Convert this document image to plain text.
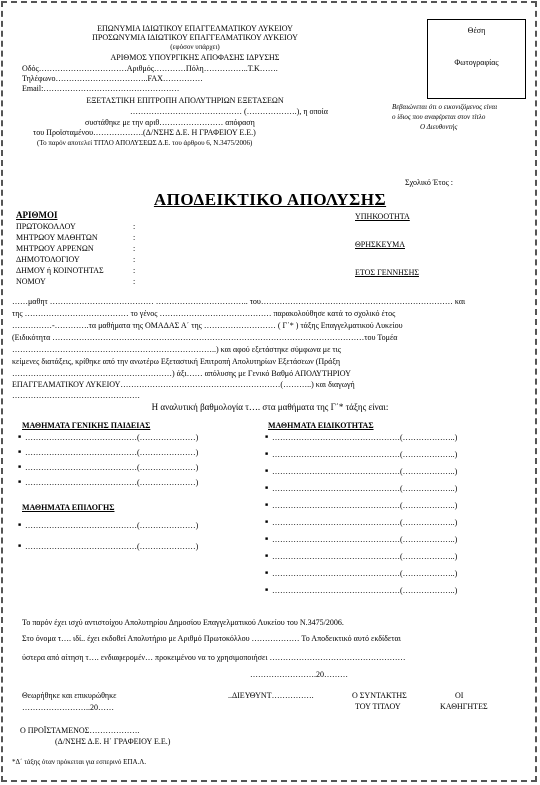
ΕΠΩΝΥΜΙΑ ΙΔΙΩΤΙΚΟΥ ΕΠΑΓΓΕΛΜΑΤΙΚΟΥ ΛΥΚΕΙΟΥ
ΠΡΟΣΩΝΥΜΙΑ ΙΔΙΩΤΙΚΟΥ ΕΠΑΓΓΕΛΜΑΤΙΚΟΥ ΛΥΚΕΙΟΥ
(εφόσον υπάρχει)
ΑΡΙΘΜΟΣ ΥΠΟΥΡΓΙΚΗΣ ΑΠΟΦΑΣΗΣ ΙΔΡΥΣΗΣ
Οδός……………………………Αριθμός…………Πόλη……………..Τ.Κ…….
Τηλέφωνο……………………………..FAX……………
Email:……………………………………………
ΕΞΕΤΑΣΤΙΚΗ ΕΠΙΤΡΟΠΗ ΑΠΟΛΥΤΗΡΙΩΝ ΕΞΕΤΑΣΕΩΝ
…………………………………… (……………….), η οποία
συστάθηκε με την αριθ…………………… απόφαση
του Προϊσταμένου……………….(Δ/ΝΣΗΣ Δ.Ε. Η ΓΡΑΦΕΙΟΥ Ε.Ε.)
(Το παρόν αποτελεί ΤΙΤΛΟ ΑΠΟΛΥΣΕΩΣ Δ.Ε. του άρθρου 6, Ν.3475/2006)
Θέση
Φωτογραφίας
Βεβαιώνεται ότι ο εικονιζόμενος είναι
ο ίδιος που αναφέρεται στον τίτλο
Ο Διευθυντής
Σχολικό Έτος :
ΑΠΟΔΕΙΚΤΙΚΟ ΑΠΟΛΥΣΗΣ
ΑΡΙΘΜΟΙ
ΠΡΩΤΟΚΟΛΛΟΥ
ΜΗΤΡΩΟΥ ΜΑΘΗΤΩΝ
ΜΗΤΡΩΟΥ ΑΡΡΕΝΩΝ
ΔΗΜΟΤΟΛΟΓΙΟΥ
ΔΗΜΟΥ ή ΚΟΙΝΟΤΗΤΑΣ
ΝΟΜΟΥ
:
:
:
:
:
:
ΥΠΗΚΟΟΤΗΤΑ
ΘΡΗΣΚΕΥΜΑ
ΕΤΟΣ ΓΕΝΝΗΣΗΣ
……μαθητ ………………………………… …………………………….. του……………………………………………………………… και
της ………………………………… το γένος …………………………………… παρακολούθησε κατά το σχολικό έτος
……………-………….τα μαθήματα της ΟΜΑΔΑΣ Α΄ της ……………………… ( Γ΄* ) τάξης Επαγγελματικού Λυκείου
(Ειδικότητα ………………………………………………………………………………………………………του Τομέα
…………………………………………………………………..) και αφού εξετάστηκε σύμφωνα με τις
κείμενες διατάξεις, κρίθηκε από την ανωτέρω Εξεταστική Επιτροπή Απολυτηρίων Εξετάσεων (Πράξη
……………………………………………………) άξι…… απόλυσης με Γενικό Βαθμό ΑΠΟΛΥΤΗΡΙΟΥ
ΕΠΑΓΓΕΛΜΑΤΙΚΟΥ ΛΥΚΕΙΟΥ……………………………………………………(………..) και διαγωγή
…………………………………………
Η αναλυτική βαθμολογία τ…. στα μαθήματα της Γ΄* τάξης είναι:
ΜΑΘΗΜΑΤΑ ΓΕΝΙΚΗΣ ΠΑΙΔΕΙΑΣ	ΜΑΘΗΜΑΤΑ ΕΙΔΙΚΟΤΗΤΑΣ
■ ……………………………………(…………………)
■ ……………………………………(…………………)
■ ……………………………………(…………………)
■ ……………………………………(…………………)
ΜΑΘΗΜΑΤΑ ΕΠΙΛΟΓΗΣ
■ ……………………………………(…………………)
■ ……………………………………(…………………)
■ …………………………………………(………………..)
■ …………………………………………(………………..)
■ …………………………………………(………………..)
■ …………………………………………(………………..)
■ …………………………………………(………………..)
■ …………………………………………(………………..)
■ …………………………………………(………………..)
■ …………………………………………(………………..)
■ …………………………………………(………………..)
■ …………………………………………(………………..)
Το παρόν έχει ισχύ αντιστοίχου Απολυτηρίου Δημοσίου Επαγγελματικού Λυκείου του Ν.3475/2006.
Στο όνομα τ…. ιδί.. έχει εκδοθεί Απολυτήριο με Αριθμό Πρωτοκόλλου ……………… Το Αποδεικτικό αυτό εκδίδεται
ύστερα από αίτηση τ…. ενδιαφερομέν… προκειμένου να το χρησιμοποιήσει ……………………………………………
…………………….20………
Θεωρήθηκε και επικυρώθηκε
……………………..20……
..ΔΙΕΥΘΥΝΤ…………….	Ο ΣΥΝΤΑΚΤΗΣ
ΤΟΥ ΤΙΤΛΟΥ
ΟΙ
ΚΑΘΗΓΗΤΕΣ
Ο ΠΡΟΪΣΤΑΜΕΝΟΣ……………….
(Δ/ΝΣΗΣ Δ.Ε. Η΄ ΓΡΑΦΕΙΟΥ Ε.Ε.)
*Δ΄ τάξης όταν πρόκειται για εσπερινό ΕΠΑ.Λ.
